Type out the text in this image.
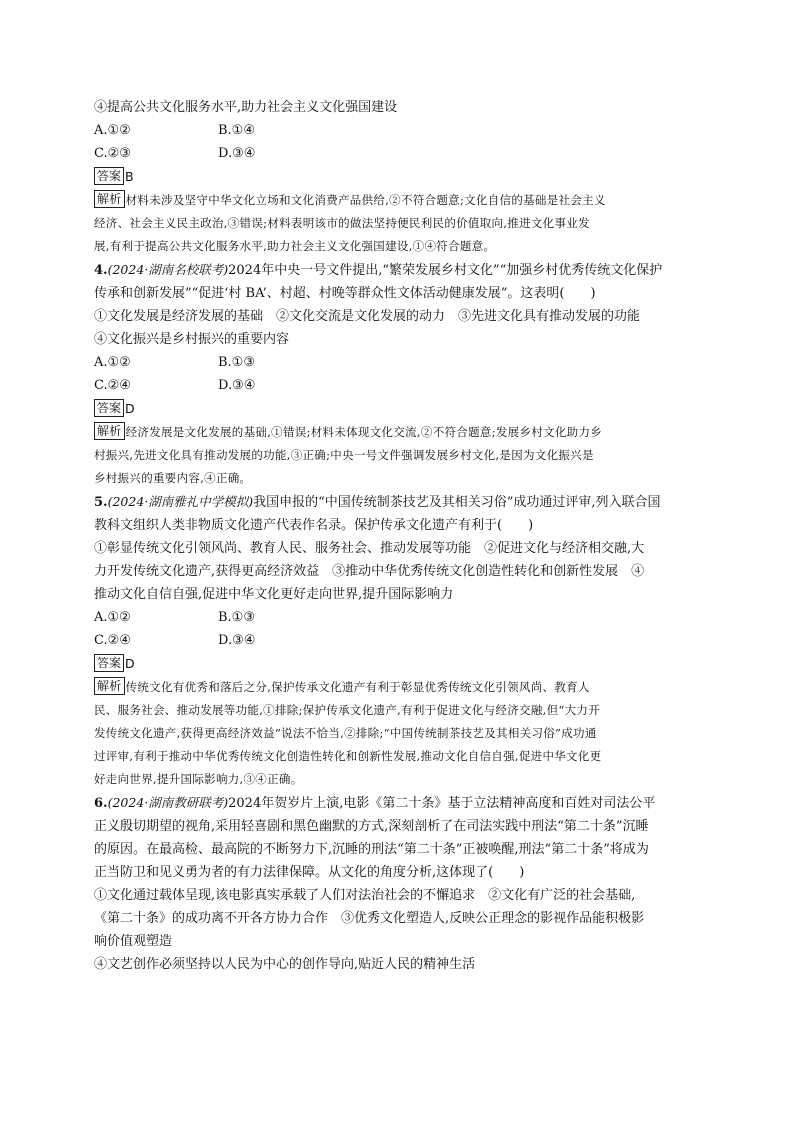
④提高公共文化服务水平,助力社会主义文化强国建设
A.①②	B.①④
C.②③	D.③④
答案 B
解析 材料未涉及坚守中华文化立场和文化消费产品供给,②不符合题意;文化自信的基础是社会主义
经济、社会主义民主政治,③错误;材料表明该市的做法坚持便民利民的价值取向,推进文化事业发
展,有利于提高公共文化服务水平,助力社会主义文化强国建设,①④符合题意。
4.(2024·湖南名校联考)2024年中央一号文件提出,“繁荣发展乡村文化”“加强乡村优秀传统文化保护
传承和创新发展”“促进‘村 BA’、村超、村晚等群众性文体活动健康发展”。这表明(　　)
①文化发展是经济发展的基础　②文化交流是文化发展的动力　③先进文化具有推动发展的功能
④文化振兴是乡村振兴的重要内容
A.①②	B.①③
C.②④	D.③④
答案 D
解析 经济发展是文化发展的基础,①错误;材料未体现文化交流,②不符合题意;发展乡村文化助力乡
村振兴,先进文化具有推动发展的功能,③正确;中央一号文件强调发展乡村文化,是因为文化振兴是
乡村振兴的重要内容,④正确。
5.(2024·湖南雅礼中学模拟)我国申报的“中国传统制茶技艺及其相关习俗”成功通过评审,列入联合国
教科文组织人类非物质文化遗产代表作名录。保护传承文化遗产有利于(　　)
①彰显传统文化引领风尚、教育人民、服务社会、推动发展等功能　②促进文化与经济相交融,大
力开发传统文化遗产,获得更高经济效益　③推动中华优秀传统文化创造性转化和创新性发展　④
推动文化自信自强,促进中华文化更好走向世界,提升国际影响力
A.①②	B.①③
C.②④	D.③④
答案 D
解析 传统文化有优秀和落后之分,保护传承文化遗产有利于彰显优秀传统文化引领风尚、教育人
民、服务社会、推动发展等功能,①排除;保护传承文化遗产,有利于促进文化与经济交融,但“大力开
发传统文化遗产,获得更高经济效益”说法不恰当,②排除;“中国传统制茶技艺及其相关习俗”成功通
过评审,有利于推动中华优秀传统文化创造性转化和创新性发展,推动文化自信自强,促进中华文化更
好走向世界,提升国际影响力,③④正确。
6.(2024·湖南教研联考)2024年贺岁片上演,电影《第二十条》基于立法精神高度和百姓对司法公平
正义殷切期望的视角,采用轻喜剧和黑色幽默的方式,深刻剖析了在司法实践中刑法“第二十条”沉睡
的原因。在最高检、最高院的不断努力下,沉睡的刑法“第二十条”正被唤醒,刑法“第二十条”将成为
正当防卫和见义勇为者的有力法律保障。从文化的角度分析,这体现了(　　)
①文化通过载体呈现,该电影真实承载了人们对法治社会的不懈追求　②文化有广泛的社会基础,
《第二十条》的成功离不开各方协力合作　③优秀文化塑造人,反映公正理念的影视作品能积极影
响价值观塑造
④文艺创作必须坚持以人民为中心的创作导向,贴近人民的精神生活
